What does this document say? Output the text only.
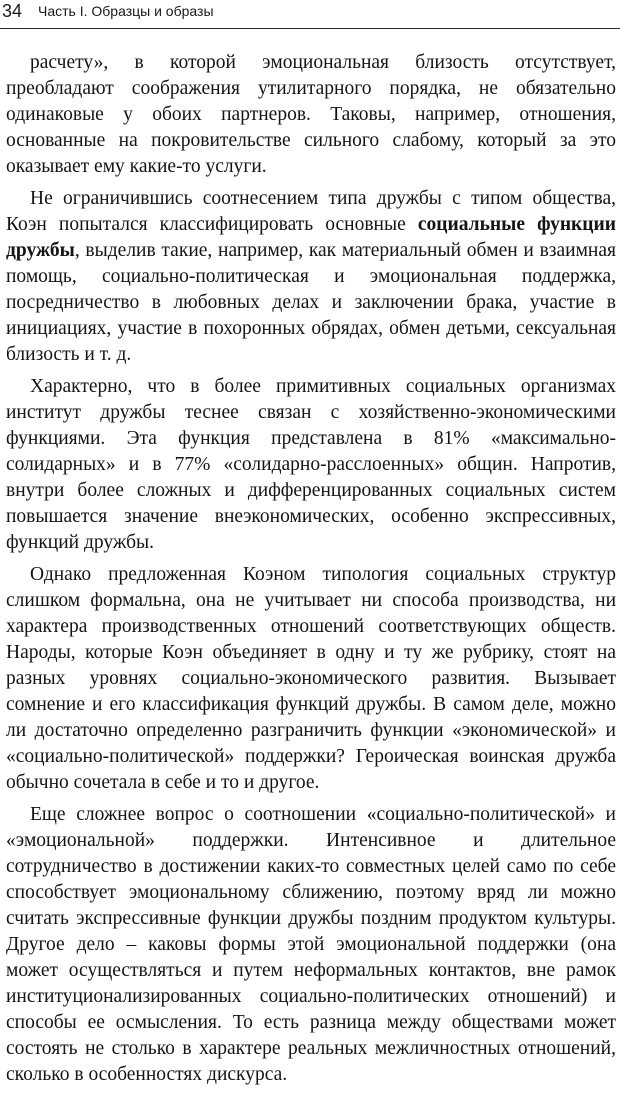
34 Часть I. Образцы и образы

расчету», в которой эмоциональная близость отсутствует, преобладают соображения утилитарного порядка, не обязательно одинаковые у обоих партнеров. Таковы, например, отношения, основанные на покровительстве сильного слабому, который за это оказывает ему какие-то услуги.

Не ограничившись соотнесением типа дружбы с типом общества, Коэн попытался классифицировать основные социальные функции дружбы, выделив такие, например, как материальный обмен и взаимная помощь, социально-политическая и эмоциональная поддержка, посредничество в любовных делах и заключении брака, участие в инициациях, участие в похоронных обрядах, обмен детьми, сексуальная близость и т. д.

Характерно, что в более примитивных социальных организмах институт дружбы теснее связан с хозяйственно-экономическими функциями. Эта функция представлена в 81% «максимально-солидарных» и в 77% «солидарно-расслоенных» общин. Напротив, внутри более сложных и дифференцированных социальных систем повышается значение внеэкономических, особенно экспрессивных, функций дружбы.

Однако предложенная Коэном типология социальных структур слишком формальна, она не учитывает ни способа производства, ни характера производственных отношений соответствующих обществ. Народы, которые Коэн объединяет в одну и ту же рубрику, стоят на разных уровнях социально-экономического развития. Вызывает сомнение и его классификация функций дружбы. В самом деле, можно ли достаточно определенно разграничить функции «экономической» и «социально-политической» поддержки? Героическая воинская дружба обычно сочетала в себе и то и другое.

Еще сложнее вопрос о соотношении «социально-политической» и «эмоциональной» поддержки. Интенсивное и длительное сотрудничество в достижении каких-то совместных целей само по себе способствует эмоциональному сближению, поэтому вряд ли можно считать экспрессивные функции дружбы поздним продуктом культуры. Другое дело – каковы формы этой эмоциональной поддержки (она может осуществляться и путем неформальных контактов, вне рамок институционализированных социально-политических отношений) и способы ее осмысления. То есть разница между обществами может состоять не столько в характере реальных межличностных отношений, сколько в особенностях дискурса.
